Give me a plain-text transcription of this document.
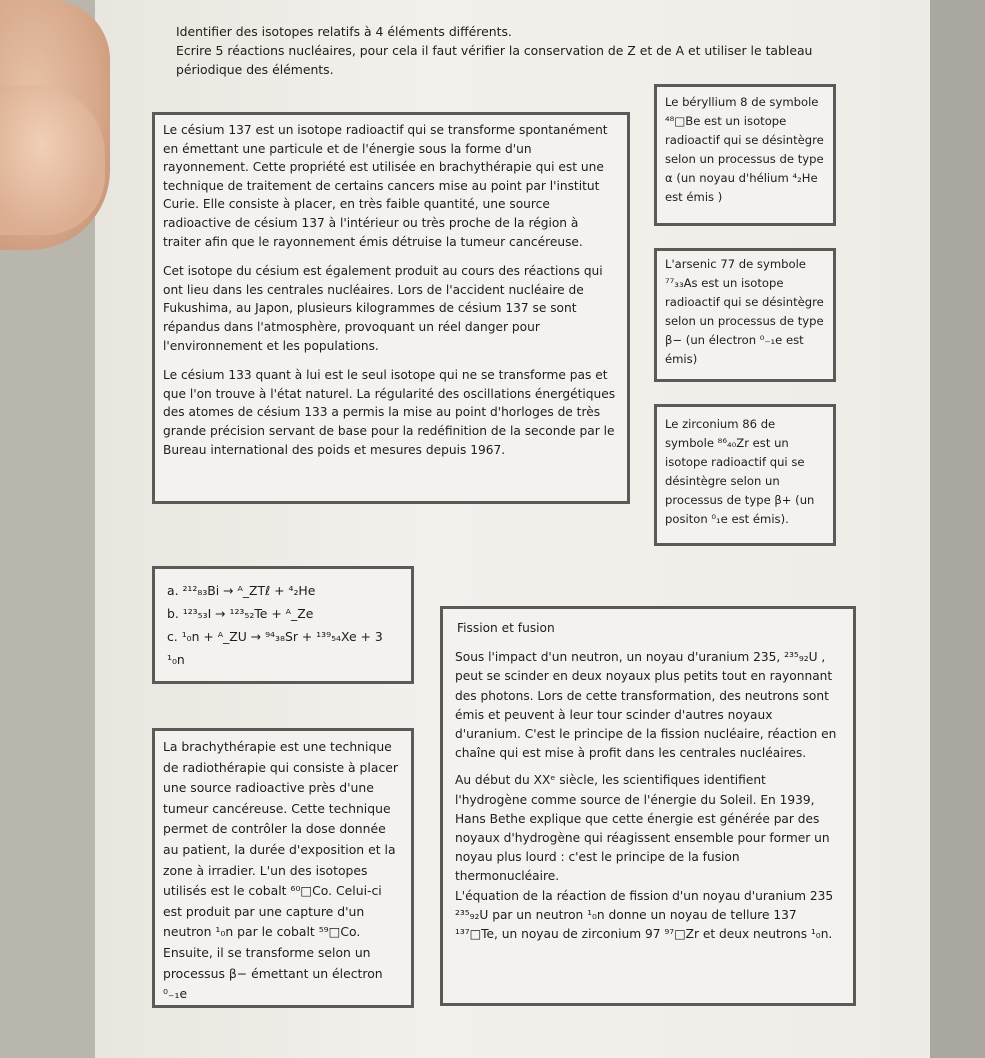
Identifier des isotopes relatifs à 4 éléments différents.
Ecrire 5 réactions nucléaires, pour cela il faut vérifier la conservation de Z et de A et utiliser le tableau
périodique des éléments.

Le césium 137 est un isotope radioactif qui se transforme spontanément en émettant une particule et de l'énergie sous la forme d'un rayonnement. Cette propriété est utilisée en brachythérapie qui est une technique de traitement de certains cancers mise au point par l'institut Curie. Elle consiste à placer, en très faible quantité, une source radioactive de césium 137 à l'intérieur ou très proche de la région à traiter afin que le rayonnement émis détruise la tumeur cancéreuse.

Cet isotope du césium est également produit au cours des réactions qui ont lieu dans les centrales nucléaires. Lors de l'accident nucléaire de Fukushima, au Japon, plusieurs kilogrammes de césium 137 se sont répandus dans l'atmosphère, provoquant un réel danger pour l'environnement et les populations.

Le césium 133 quant à lui est le seul isotope qui ne se transforme pas et que l'on trouve à l'état naturel. La régularité des oscillations énergétiques des atomes de césium 133 a permis la mise au point d'horloges de très grande précision servant de base pour la redéfinition de la seconde par le Bureau international des poids et mesures depuis 1967.

Le béryllium 8 de symbole ⁴⁸□Be est un isotope radioactif qui se désintègre selon un processus de type α (un noyau d'hélium ⁴₂He est émis )

L'arsenic 77 de symbole ⁷⁷₃₃As est un isotope radioactif qui se désintègre selon un processus de type β− (un électron ⁰₋₁e est émis)

Le zirconium 86 de symbole ⁸⁶₄₀Zr est un isotope radioactif qui se désintègre selon un processus de type β+ (un positon ⁰₁e est émis).

a. ²¹²₈₃Bi → ᴬ_ZTℓ + ⁴₂He

b. ¹²³₅₃I → ¹²³₅₂Te + ᴬ_Ze

c. ¹₀n + ᴬ_ZU → ⁹⁴₃₈Sr + ¹³⁹₅₄Xe + 3 ¹₀n

La brachythérapie est une technique de radiothérapie qui consiste à placer une source radioactive près d'une tumeur cancéreuse. Cette technique permet de contrôler la dose donnée au patient, la durée d'exposition et la zone à irradier. L'un des isotopes utilisés est le cobalt ⁶⁰□Co. Celui-ci est produit par une capture d'un neutron ¹₀n par le cobalt ⁵⁹□Co. Ensuite, il se transforme selon un processus β− émettant un électron ⁰₋₁e

Fission et fusion

Sous l'impact d'un neutron, un noyau d'uranium 235, ²³⁵₉₂U , peut se scinder en deux noyaux plus petits tout en rayonnant des photons. Lors de cette transformation, des neutrons sont émis et peuvent à leur tour scinder d'autres noyaux d'uranium. C'est le principe de la fission nucléaire, réaction en chaîne qui est mise à profit dans les centrales nucléaires.

Au début du XXᵉ siècle, les scientifiques identifient l'hydrogène comme source de l'énergie du Soleil. En 1939, Hans Bethe explique que cette énergie est générée par des noyaux d'hydrogène qui réagissent ensemble pour former un noyau plus lourd : c'est le principe de la fusion thermonucléaire.

L'équation de la réaction de fission d'un noyau d'uranium 235 ²³⁵₉₂U par un neutron ¹₀n donne un noyau de tellure 137 ¹³⁷□Te, un noyau de zirconium 97 ⁹⁷□Zr et deux neutrons ¹₀n.
